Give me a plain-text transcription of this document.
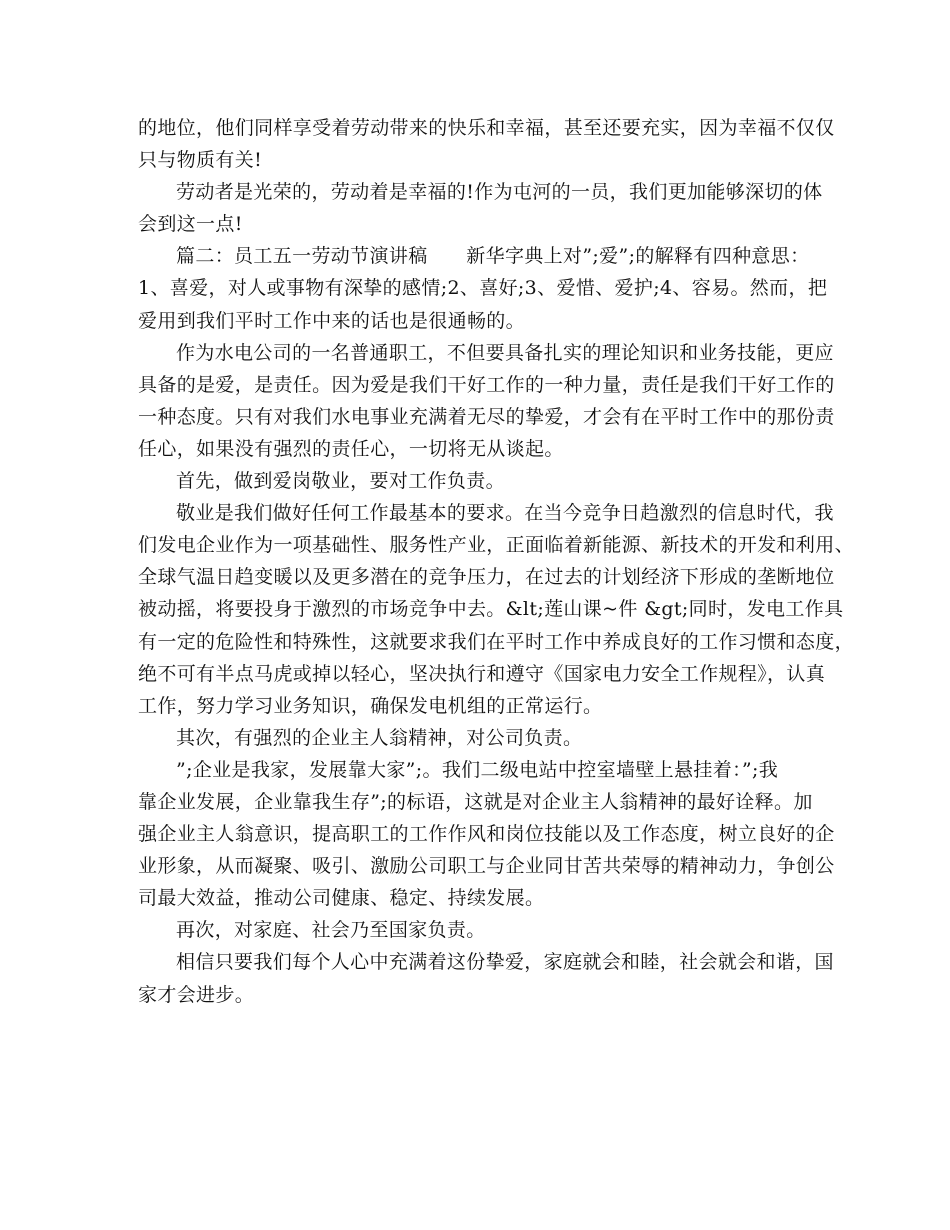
的地位，他们同样享受着劳动带来的快乐和幸福，甚至还要充实，因为幸福不仅仅
只与物质有关!
劳动者是光荣的，劳动着是幸福的!作为屯河的一员，我们更加能够深切的体
会到这一点!
篇二：员工五一劳动节演讲稿　　新华字典上对”;爱”;的解释有四种意思：
1、喜爱，对人或事物有深挚的感情;2、喜好;3、爱惜、爱护;4、容易。然而，把
爱用到我们平时工作中来的话也是很通畅的。
作为水电公司的一名普通职工，不但要具备扎实的理论知识和业务技能，更应
具备的是爱，是责任。因为爱是我们干好工作的一种力量，责任是我们干好工作的
一种态度。只有对我们水电事业充满着无尽的挚爱，才会有在平时工作中的那份责
任心，如果没有强烈的责任心，一切将无从谈起。
首先，做到爱岗敬业，要对工作负责。
敬业是我们做好任何工作最基本的要求。在当今竞争日趋激烈的信息时代，我
们发电企业作为一项基础性、服务性产业，正面临着新能源、新技术的开发和利用、
全球气温日趋变暖以及更多潜在的竞争压力，在过去的计划经济下形成的垄断地位
被动摇，将要投身于激烈的市场竞争中去。&lt;莲山课~件 &gt;同时，发电工作具
有一定的危险性和特殊性，这就要求我们在平时工作中养成良好的工作习惯和态度，
绝不可有半点马虎或掉以轻心，坚决执行和遵守《国家电力安全工作规程》，认真
工作，努力学习业务知识，确保发电机组的正常运行。
其次，有强烈的企业主人翁精神，对公司负责。
”;企业是我家，发展靠大家”;。我们二级电站中控室墙壁上悬挂着：”;我
靠企业发展，企业靠我生存”;的标语，这就是对企业主人翁精神的最好诠释。加
强企业主人翁意识，提高职工的工作作风和岗位技能以及工作态度，树立良好的企
业形象，从而凝聚、吸引、激励公司职工与企业同甘苦共荣辱的精神动力，争创公
司最大效益，推动公司健康、稳定、持续发展。
再次，对家庭、社会乃至国家负责。
相信只要我们每个人心中充满着这份挚爱，家庭就会和睦，社会就会和谐，国
家才会进步。
